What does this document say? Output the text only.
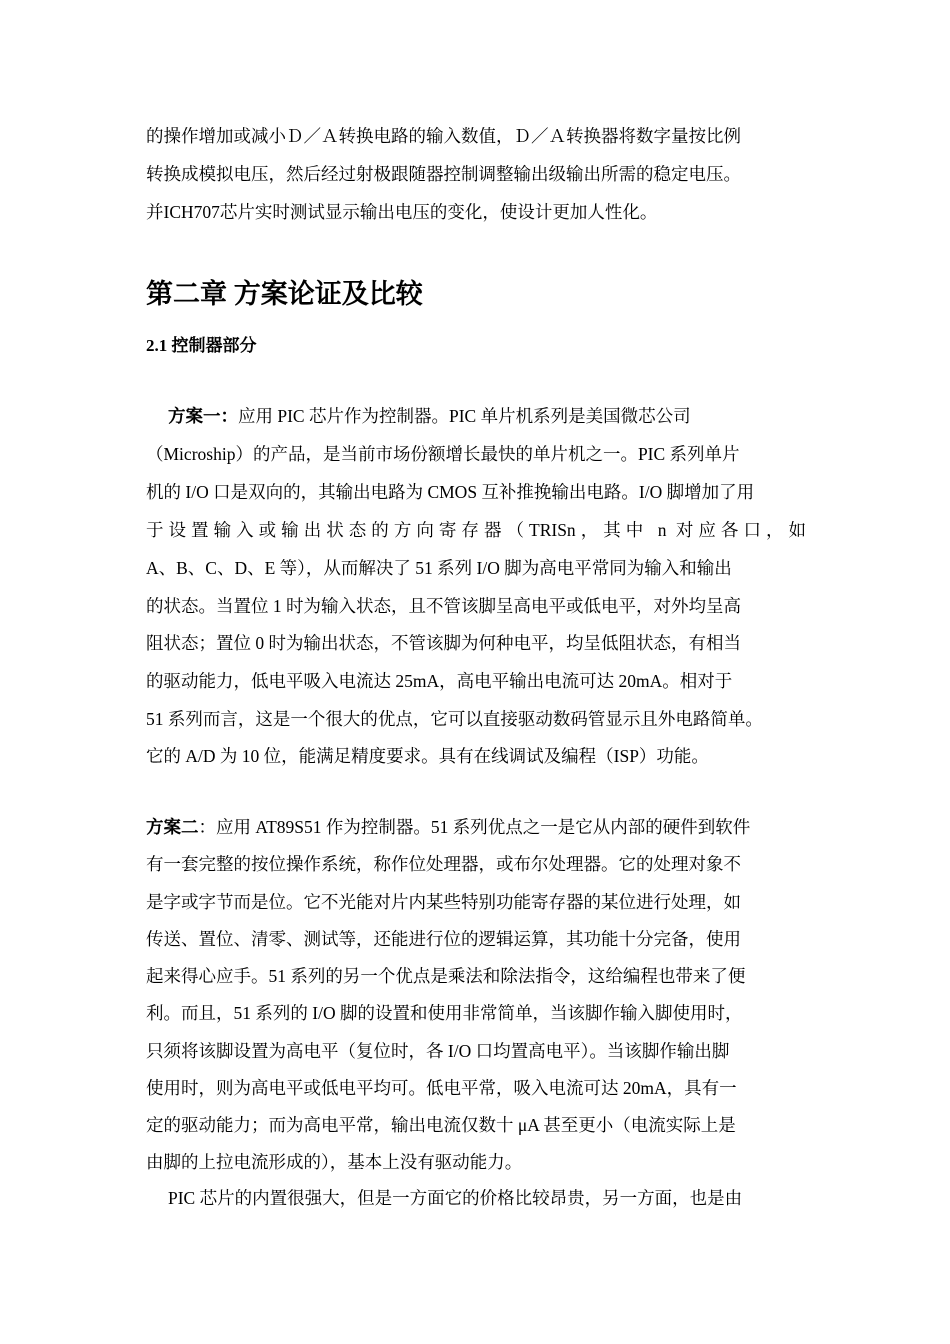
的操作增加或减小Ｄ／Ａ转换电路的输入数值，Ｄ／Ａ转换器将数字量按比例
转换成模拟电压，然后经过射极跟随器控制调整输出级输出所需的稳定电压。
并ICH707芯片实时测试显示输出电压的变化，使设计更加人性化。
第二章 方案论证及比较
2.1 控制器部分
方案一：应用 PIC 芯片作为控制器。PIC 单片机系列是美国微芯公司
（Microship）的产品，是当前市场份额增长最快的单片机之一。PIC 系列单片
机的 I/O 口是双向的，其输出电路为 CMOS 互补推挽输出电路。I/O 脚增加了用
于设置输入或输出状态的方向寄存器（TRISn，其中 n 对应各口，如
A、B、C、D、E 等），从而解决了 51 系列 I/O 脚为高电平常同为输入和输出
的状态。当置位 1 时为输入状态，且不管该脚呈高电平或低电平，对外均呈高
阻状态；置位 0 时为输出状态，不管该脚为何种电平，均呈低阻状态，有相当
的驱动能力，低电平吸入电流达 25mA，高电平输出电流可达 20mA。相对于
51 系列而言，这是一个很大的优点，它可以直接驱动数码管显示且外电路简单。
它的 A/D 为 10 位，能满足精度要求。具有在线调试及编程（ISP）功能。
方案二：应用 AT89S51 作为控制器。51 系列优点之一是它从内部的硬件到软件
有一套完整的按位操作系统，称作位处理器，或布尔处理器。它的处理对象不
是字或字节而是位。它不光能对片内某些特别功能寄存器的某位进行处理，如
传送、置位、清零、测试等，还能进行位的逻辑运算，其功能十分完备，使用
起来得心应手。51 系列的另一个优点是乘法和除法指令，这给编程也带来了便
利。而且，51 系列的 I/O 脚的设置和使用非常简单，当该脚作输入脚使用时，
只须将该脚设置为高电平（复位时，各 I/O 口均置高电平）。当该脚作输出脚
使用时，则为高电平或低电平均可。低电平常，吸入电流可达 20mA，具有一
定的驱动能力；而为高电平常，输出电流仅数十 μA 甚至更小（电流实际上是
由脚的上拉电流形成的），基本上没有驱动能力。
PIC 芯片的内置很强大，但是一方面它的价格比较昂贵，另一方面，也是由
